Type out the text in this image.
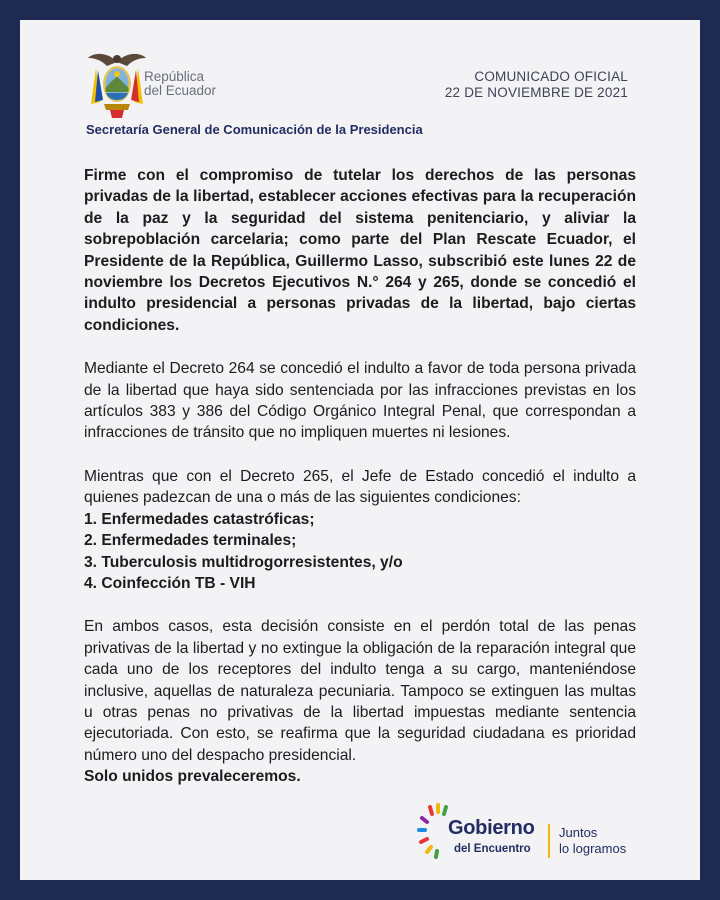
República
del Ecuador
COMUNICADO OFICIAL
22 DE NOVIEMBRE DE 2021
Secretaría General de Comunicación de la Presidencia

Firme con el compromiso de tutelar los derechos de las personas privadas de la libertad, establecer acciones efectivas para la recuperación de la paz y la seguridad del sistema penitenciario, y aliviar la sobrepoblación carcelaria; como parte del Plan Rescate Ecuador, el Presidente de la República, Guillermo Lasso, subscribió este lunes 22 de noviembre los Decretos Ejecutivos N.° 264 y 265, donde se concedió el indulto presidencial a personas privadas de la libertad, bajo ciertas condiciones.

Mediante el Decreto 264 se concedió el indulto a favor de toda persona privada de la libertad que haya sido sentenciada por las infracciones previstas en los artículos 383 y 386 del Código Orgánico Integral Penal, que correspondan a infracciones de tránsito que no impliquen muertes ni lesiones.

Mientras que con el Decreto 265, el Jefe de Estado concedió el indulto a quienes padezcan de una o más de las siguientes condiciones:

1. Enfermedades catastróficas;
2. Enfermedades terminales;
3. Tuberculosis multidrogorresistentes, y/o
4. Coinfección TB - VIH

En ambos casos, esta decisión consiste en el perdón total de las penas privativas de la libertad y no extingue la obligación de la reparación integral que cada uno de los receptores del indulto tenga a su cargo, manteniéndose inclusive, aquellas de naturaleza pecuniaria. Tampoco se extinguen las multas u otras penas no privativas de la libertad impuestas mediante sentencia ejecutoriada. Con esto, se reafirma que la seguridad ciudadana es prioridad número uno del despacho presidencial.

Solo unidos prevaleceremos.

Gobierno
del Encuentro
Juntos
lo logramos
